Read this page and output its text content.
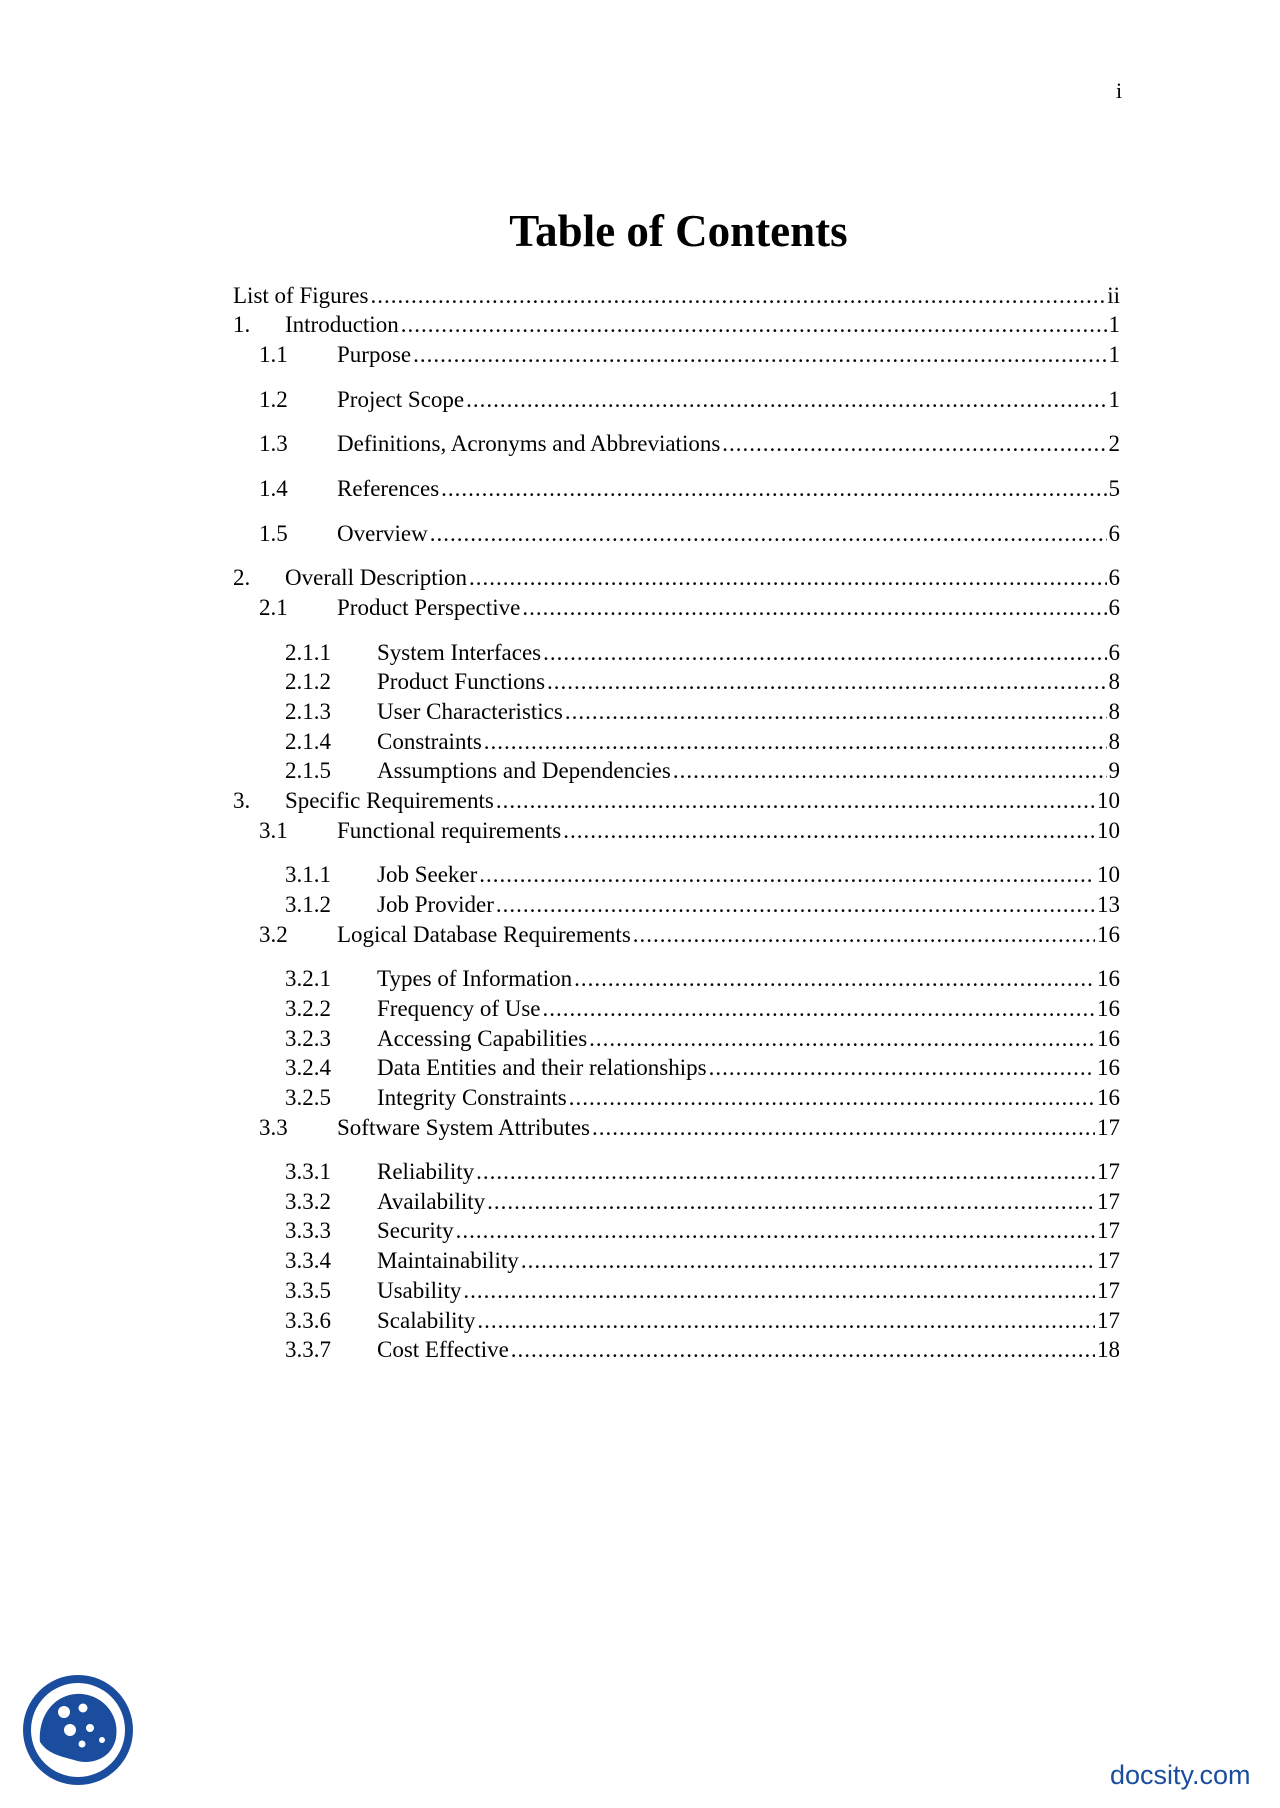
i
Table of Contents
List of Figures .....	ii
1.	Introduction .....	1
1.1	Purpose .....	1
1.2	Project Scope .....	1
1.3	Definitions, Acronyms and Abbreviations .....	2
1.4	References .....	5
1.5	Overview .....	6
2.	Overall Description .....	6
2.1	Product Perspective .....	6
2.1.1	System Interfaces .....	6
2.1.2	Product Functions .....	8
2.1.3	User Characteristics .....	8
2.1.4	Constraints .....	8
2.1.5	Assumptions and Dependencies .....	9
3.	Specific Requirements .....	10
3.1	Functional requirements .....	10
3.1.1	Job Seeker .....	10
3.1.2	Job Provider .....	13
3.2	Logical Database Requirements .....	16
3.2.1	Types of Information .....	16
3.2.2	Frequency of Use .....	16
3.2.3	Accessing Capabilities .....	16
3.2.4	Data Entities and their relationships .....	16
3.2.5	Integrity Constraints .....	16
3.3	Software System Attributes .....	17
3.3.1	Reliability .....	17
3.3.2	Availability .....	17
3.3.3	Security .....	17
3.3.4	Maintainability .....	17
3.3.5	Usability .....	17
3.3.6	Scalability .....	17
3.3.7	Cost Effective .....	18
docsity.com
